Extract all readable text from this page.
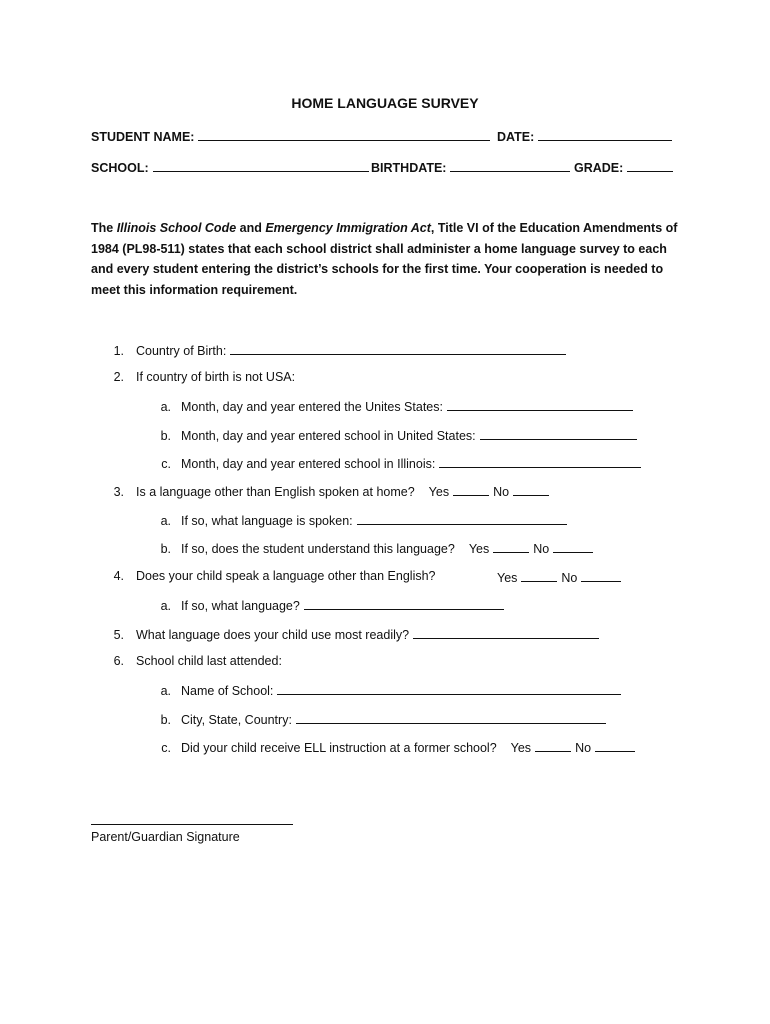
HOME LANGUAGE SURVEY
STUDENT NAME:	DATE:
SCHOOL:	BIRTHDATE:	GRADE:
The Illinois School Code and Emergency Immigration Act, Title VI of the Education Amendments of 1984 (PL98-511) states that each school district shall administer a home language survey to each and every student entering the district’s schools for the first time. Your cooperation is needed to meet this information requirement.
1. Country of Birth:
2. If country of birth is not USA:
a. Month, day and year entered the Unites States:
b. Month, day and year entered school in United States:
c. Month, day and year entered school in Illinois:
3. Is a language other than English spoken at home? Yes	No
a. If so, what language is spoken:
b. If so, does the student understand this language? Yes	No
4. Does your child speak a language other than English?	Yes	No
a. If so, what language?
5. What language does your child use most readily?
6. School child last attended:
a. Name of School:
b. City, State, Country:
c. Did your child receive ELL instruction at a former school? Yes	No
Parent/Guardian Signature
